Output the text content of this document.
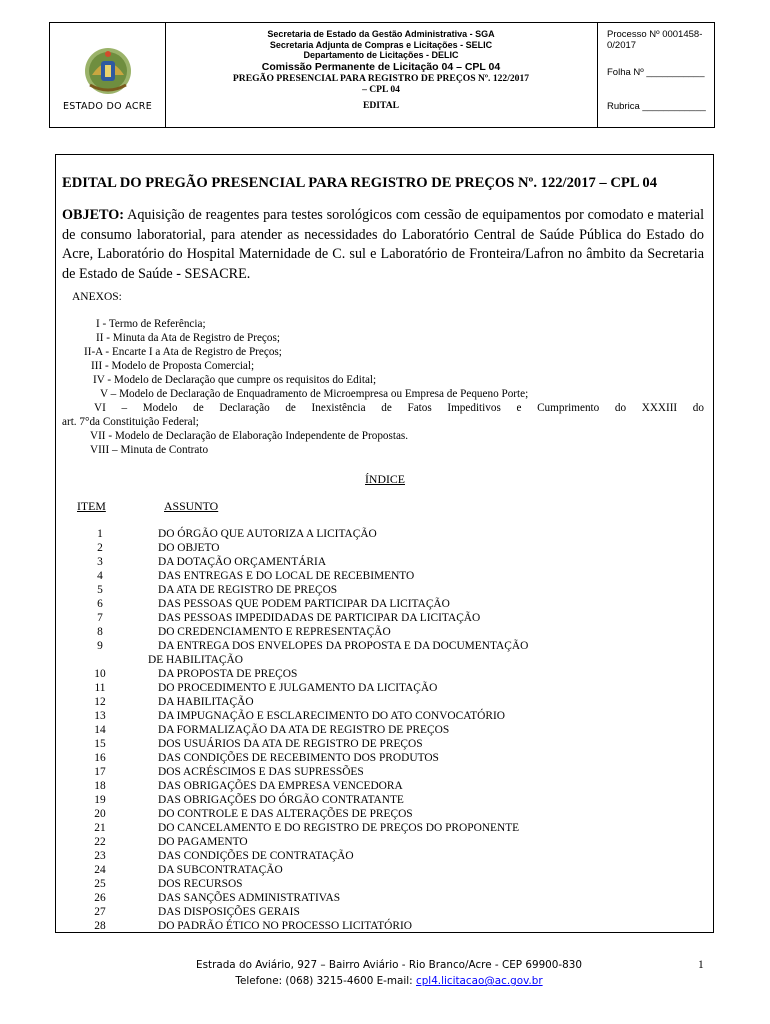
ESTADO DO ACRE
Secretaria de Estado da Gestão Administrativa - SGA
Secretaria Adjunta de Compras e Licitações - SELIC
Departamento de Licitações - DELIC
Comissão Permanente de Licitação 04 – CPL 04
PREGÃO PRESENCIAL PARA REGISTRO DE PREÇOS Nº. 122/2017
– CPL 04
EDITAL
Processo Nº 0001458-0/2017
Folha Nº ___________
Rubrica ____________
EDITAL DO PREGÃO PRESENCIAL PARA REGISTRO DE PREÇOS Nº. 122/2017 – CPL 04
OBJETO: Aquisição de reagentes para testes sorológicos com cessão de equipamentos por comodato e material de consumo laboratorial, para atender as necessidades do Laboratório Central de Saúde Pública do Estado do Acre, Laboratório do Hospital Maternidade de C. sul e Laboratório de Fronteira/Lafron no âmbito da Secretaria de Estado de Saúde - SESACRE.
ANEXOS:
I - Termo de Referência;
II - Minuta da Ata de Registro de Preços;
II-A - Encarte I a Ata de Registro de Preços;
III - Modelo de Proposta Comercial;
IV - Modelo de Declaração que cumpre os requisitos do Edital;
V – Modelo de Declaração de Enquadramento de Microempresa ou Empresa de Pequeno Porte;
VI – Modelo de Declaração de Inexistência de Fatos Impeditivos e Cumprimento do XXXIII do
art. 7°da Constituição Federal;
VII - Modelo de Declaração de Elaboração Independente de Propostas.
VIII – Minuta de Contrato
ÍNDICE
ITEM	ASSUNTO
1	DO ÓRGÃO QUE AUTORIZA A LICITAÇÃO
2	DO OBJETO
3	DA DOTAÇÃO ORÇAMENTÁRIA
4	DAS ENTREGAS E DO LOCAL DE RECEBIMENTO
5	DA ATA DE REGISTRO DE PREÇOS
6	DAS PESSOAS QUE PODEM PARTICIPAR DA LICITAÇÃO
7	DAS PESSOAS IMPEDIDADAS DE PARTICIPAR DA LICITAÇÃO
8	DO CREDENCIAMENTO E REPRESENTAÇÃO
9	DA ENTREGA DOS ENVELOPES DA PROPOSTA E DA DOCUMENTAÇÃO
DE HABILITAÇÃO
10	DA PROPOSTA DE PREÇOS
11	DO PROCEDIMENTO E JULGAMENTO DA LICITAÇÃO
12	DA HABILITAÇÃO
13	DA IMPUGNAÇÃO E ESCLARECIMENTO DO ATO CONVOCATÓRIO
14	DA FORMALIZAÇÃO DA ATA DE REGISTRO DE PREÇOS
15	DOS USUÁRIOS DA ATA DE REGISTRO DE PREÇOS
16	DAS CONDIÇÕES DE RECEBIMENTO DOS PRODUTOS
17	DOS ACRÉSCIMOS E DAS SUPRESSÕES
18	DAS OBRIGAÇÕES DA EMPRESA VENCEDORA
19	DAS OBRIGAÇÕES DO ÓRGÃO CONTRATANTE
20	DO CONTROLE E DAS ALTERAÇÕES DE PREÇOS
21	DO CANCELAMENTO E DO REGISTRO DE PREÇOS DO PROPONENTE
22	DO PAGAMENTO
23	DAS CONDIÇÕES DE CONTRATAÇÃO
24	DA SUBCONTRATAÇÃO
25	DOS RECURSOS
26	DAS SANÇÕES ADMINISTRATIVAS
27	DAS DISPOSIÇÕES GERAIS
28	DO PADRÃO ÉTICO NO PROCESSO LICITATÓRIO
Estrada do Aviário, 927 – Bairro Aviário - Rio Branco/Acre - CEP 69900-830
Telefone: (068) 3215-4600 E-mail: cpl4.licitacao@ac.gov.br
1
